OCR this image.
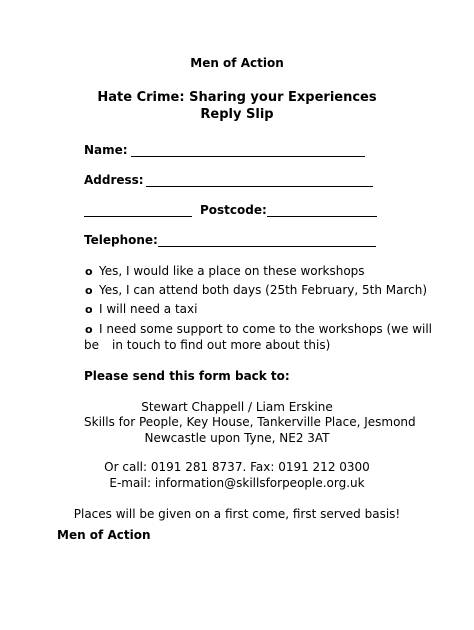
Men of Action
Hate Crime: Sharing your Experiences
Reply Slip
Name:
Address:
Postcode:
Telephone:
o Yes, I would like a place on these workshops
o Yes, I can attend both days (25th February, 5th March)
o I will need a taxi
o I need some support to come to the workshops (we will
be in touch to find out more about this)
Please send this form back to:
Stewart Chappell / Liam Erskine
Skills for People, Key House, Tankerville Place, Jesmond
Newcastle upon Tyne, NE2 3AT
Or call: 0191 281 8737. Fax: 0191 212 0300
E-mail: information@skillsforpeople.org.uk
Places will be given on a first come, first served basis!
Men of Action
